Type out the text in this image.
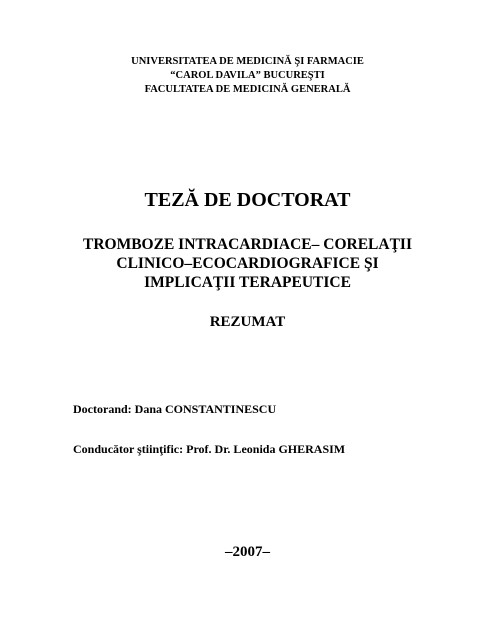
UNIVERSITATEA DE MEDICINĂ ŞI FARMACIE
“CAROL DAVILA” BUCUREŞTI
FACULTATEA DE MEDICINĂ GENERALĂ
TEZĂ DE DOCTORAT
TROMBOZE INTRACARDIACE– CORELAŢII
CLINICO–ECOCARDIOGRAFICE ŞI
IMPLICAŢII TERAPEUTICE
REZUMAT
Doctorand: Dana CONSTANTINESCU
Conducător ştiinţific: Prof. Dr. Leonida GHERASIM
–2007–
